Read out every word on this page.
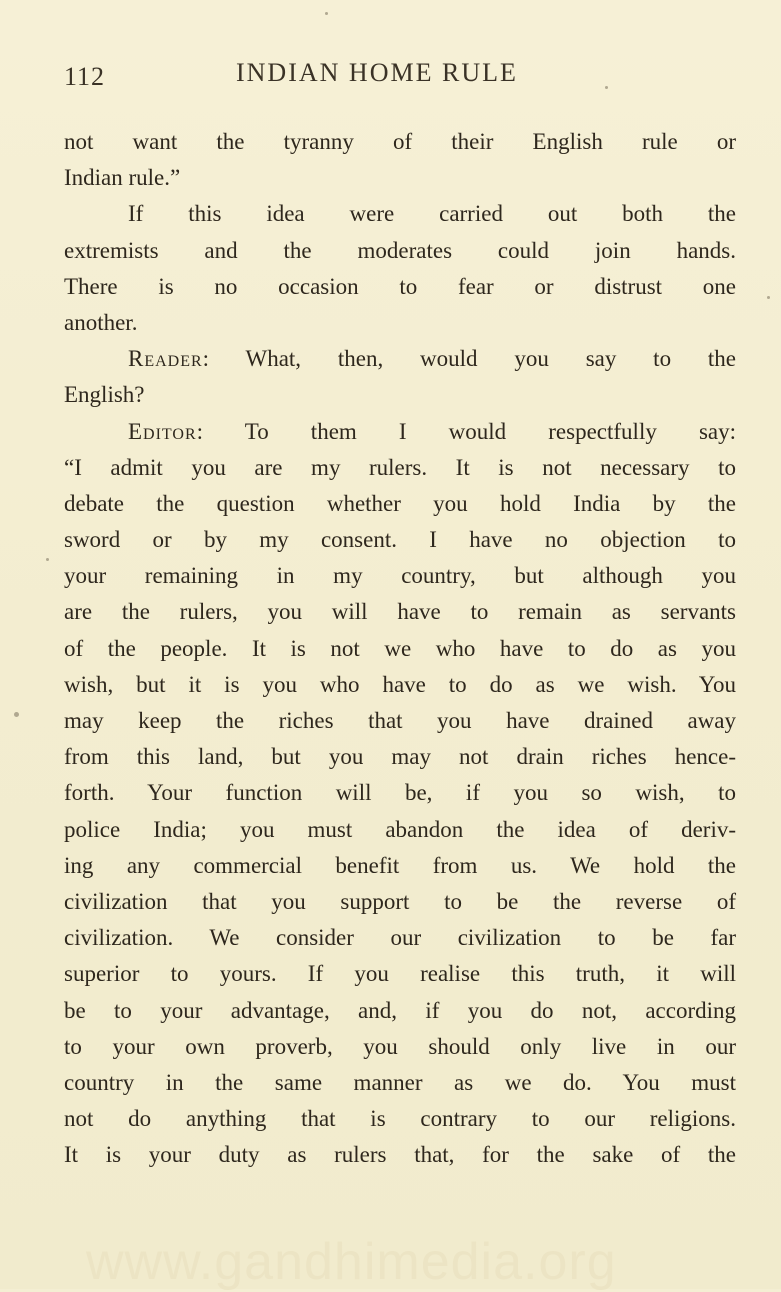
112	INDIAN HOME RULE
not want the tyranny of their English rule or
Indian rule.”
If this idea were carried out both the
extremists and the moderates could join hands.
There is no occasion to fear or distrust one
another.
Reader: What, then, would you say to the
English?
Editor: To them I would respectfully say:
“I admit you are my rulers. It is not necessary to
debate the question whether you hold India by the
sword or by my consent. I have no objection to
your remaining in my country, but although you
are the rulers, you will have to remain as servants
of the people. It is not we who have to do as you
wish, but it is you who have to do as we wish. You
may keep the riches that you have drained away
from this land, but you may not drain riches hence-
forth. Your function will be, if you so wish, to
police India; you must abandon the idea of deriv-
ing any commercial benefit from us. We hold the
civilization that you support to be the reverse of
civilization. We consider our civilization to be far
superior to yours. If you realise this truth, it will
be to your advantage, and, if you do not, according
to your own proverb, you should only live in our
country in the same manner as we do. You must
not do anything that is contrary to our religions.
It is your duty as rulers that, for the sake of the
www.gandhimedia.org
